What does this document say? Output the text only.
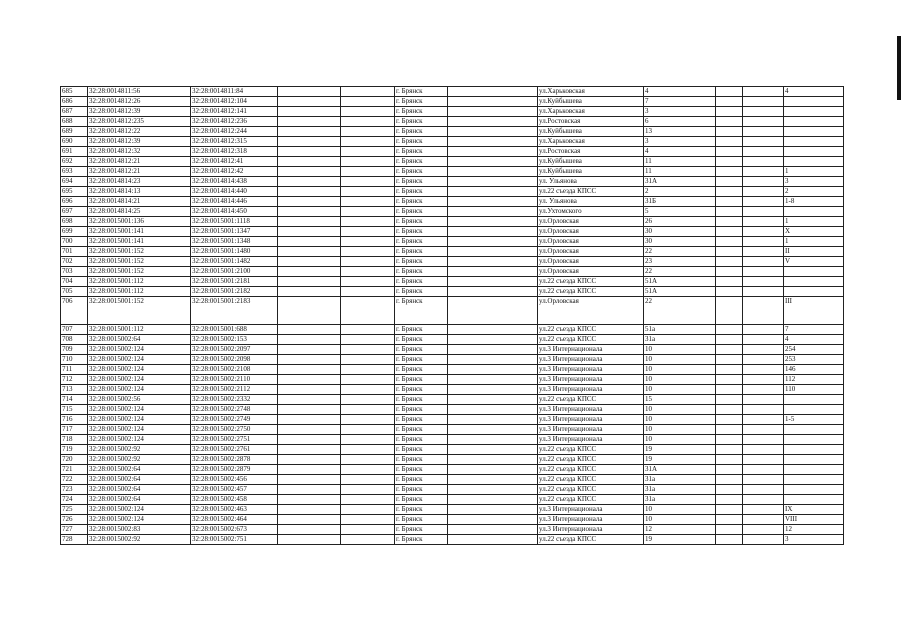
685	32:28:0014811:56	32:28:0014811:84			г. Брянск		ул.Харьковская	4			4
686	32:28:0014812:26	32:28:0014812:104			г. Брянск		ул.Куйбышева	7			
687	32:28:0014812:39	32:28:0014812:141			г. Брянск		ул.Харьковская	3			
688	32:28:0014812:235	32:28:0014812:236			г. Брянск		ул.Ростовская	6			
689	32:28:0014812:22	32:28:0014812:244			г. Брянск		ул.Куйбышева	13			
690	32:28:0014812:39	32:28:0014812:315			г. Брянск		ул.Харьковская	3			
691	32:28:0014812:32	32:28:0014812:318			г. Брянск		ул.Ростовская	4			
692	32:28:0014812:21	32:28:0014812:41			г. Брянск		ул.Куйбышева	11			
693	32:28:0014812:21	32:28:0014812:42			г. Брянск		ул.Куйбышева	11			1
694	32:28:0014814:23	32:28:0014814:438			г. Брянск		ул. Ульянова	31А			3
695	32:28:0014814:13	32:28:0014814:440			г. Брянск		ул.22 съезда КПСС	2			2
696	32:28:0014814:21	32:28:0014814:446			г. Брянск		ул. Ульянова	31Б			1-8
697	32:28:0014814:25	32:28:0014814:450			г. Брянск		ул.Ухтомского	5			
698	32:28:0015001:136	32:28:0015001:1118			г. Брянск		ул.Орловская	26			1
699	32:28:0015001:141	32:28:0015001:1347			г. Брянск		ул.Орловская	30			X
700	32:28:0015001:141	32:28:0015001:1348			г. Брянск		ул.Орловская	30			1
701	32:28:0015001:152	32:28:0015001:1480			г. Брянск		ул.Орловская	22			II
702	32:28:0015001:152	32:28:0015001:1482			г. Брянск		ул.Орловская	23			V
703	32:28:0015001:152	32:28:0015001:2100			г. Брянск		ул.Орловская	22			
704	32:28:0015001:112	32:28:0015001:2181			г. Брянск		ул.22 съезда КПСС	51А			
705	32:28:0015001:112	32:28:0015001:2182			г. Брянск		ул.22 съезда КПСС	51А			
706	32:28:0015001:152	32:28:0015001:2183			г. Брянск		ул.Орловская	22			III
707	32:28:0015001:112	32:28:0015001:688			г. Брянск		ул.22 съезда КПСС	51а			7
708	32:28:0015002:64	32:28:0015002:153			г. Брянск		ул.22 съезда КПСС	31а			4
709	32:28:0015002:124	32:28:0015002:2097			г. Брянск		ул.3 Интернационала	10			254
710	32:28:0015002:124	32:28:0015002:2098			г. Брянск		ул.3 Интернационала	10			253
711	32:28:0015002:124	32:28:0015002:2108			г. Брянск		ул.3 Интернационала	10			146
712	32:28:0015002:124	32:28:0015002:2110			г. Брянск		ул.3 Интернационала	10			112
713	32:28:0015002:124	32:28:0015002:2112			г. Брянск		ул.3 Интернационала	10			110
714	32:28:0015002:56	32:28:0015002:2332			г. Брянск		ул.22 съезда КПСС	15			
715	32:28:0015002:124	32:28:0015002:2748			г. Брянск		ул.3 Интернационала	10			
716	32:28:0015002:124	32:28:0015002:2749			г. Брянск		ул.3 Интернационала	10			1-5
717	32:28:0015002:124	32:28:0015002:2750			г. Брянск		ул.3 Интернационала	10			
718	32:28:0015002:124	32:28:0015002:2751			г. Брянск		ул.3 Интернационала	10			
719	32:28:0015002:92	32:28:0015002:2761			г. Брянск		ул.22 съезда КПСС	19			
720	32:28:0015002:92	32:28:0015002:2878			г. Брянск		ул.22 съезда КПСС	19			
721	32:28:0015002:64	32:28:0015002:2879			г. Брянск		ул.22 съезда КПСС	31А			
722	32:28:0015002:64	32:28:0015002:456			г. Брянск		ул.22 съезда КПСС	31а			
723	32:28:0015002:64	32:28:0015002:457			г. Брянск		ул.22 съезда КПСС	31а			
724	32:28:0015002:64	32:28:0015002:458			г. Брянск		ул.22 съезда КПСС	31а			
725	32:28:0015002:124	32:28:0015002:463			г. Брянск		ул.3 Интернационала	10			IX
726	32:28:0015002:124	32:28:0015002:464			г. Брянск		ул.3 Интернационала	10			VIII
727	32:28:0015002:83	32:28:0015002:673			г. Брянск		ул.3 Интернационала	12			12
728	32:28:0015002:92	32:28:0015002:751			г. Брянск		ул.22 съезда КПСС	19			3
